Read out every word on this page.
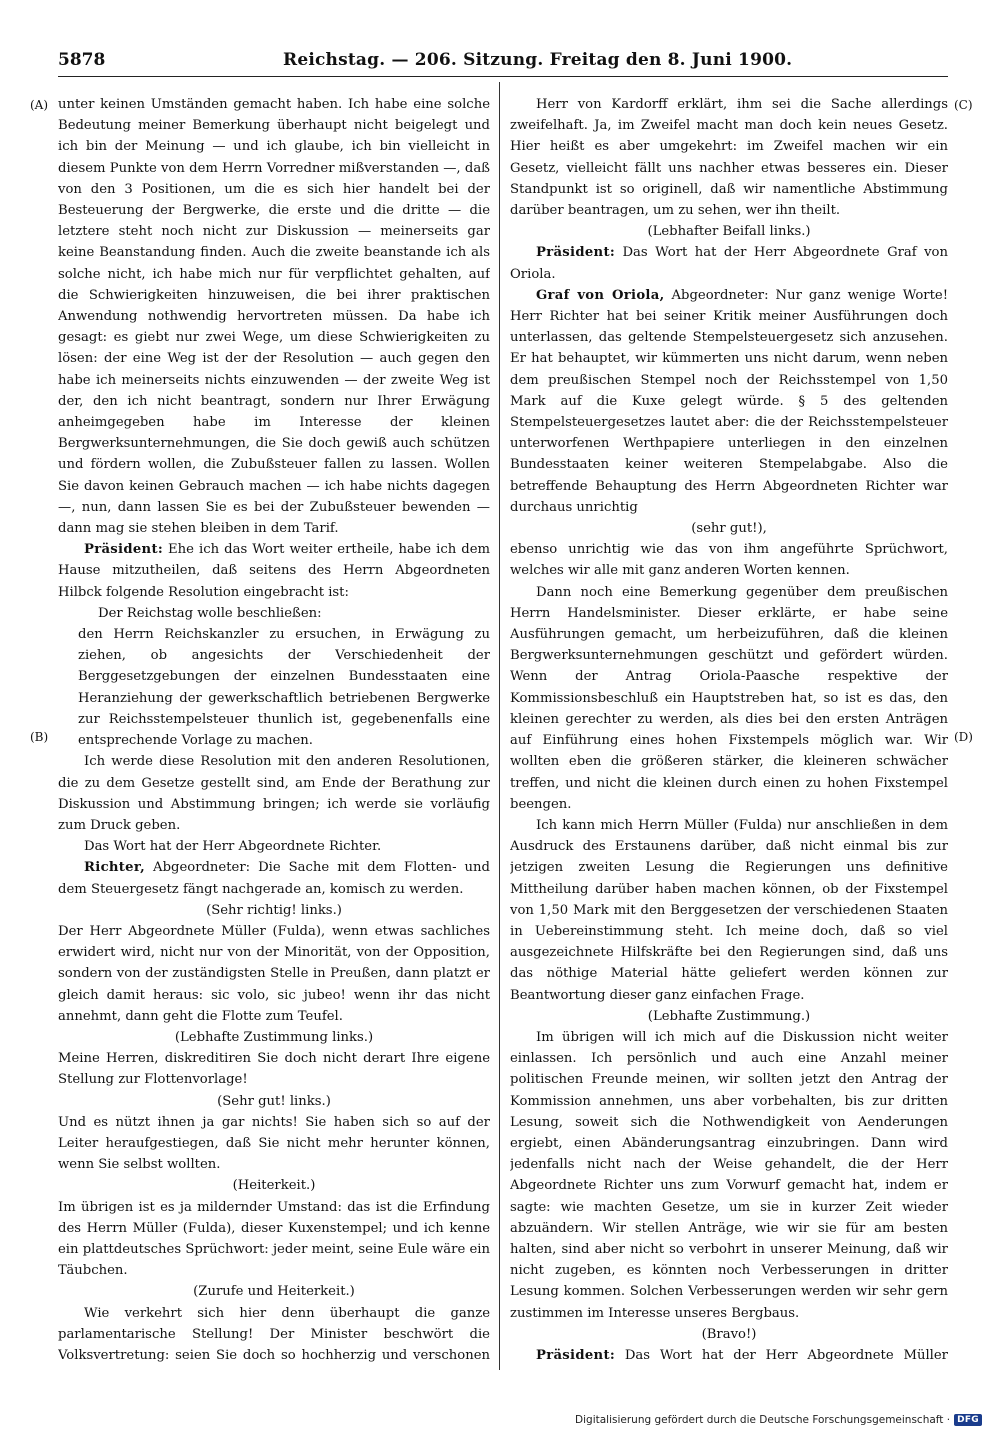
5878	Reichstag. — 206. Sitzung. Freitag den 8. Juni 1900.
(A)
(B)
(C)
(D)

unter keinen Umständen gemacht haben. Ich habe eine solche Bedeutung meiner Bemerkung überhaupt nicht beigelegt und ich bin der Meinung — und ich glaube, ich bin vielleicht in diesem Punkte von dem Herrn Vorredner mißverstanden —, daß von den 3 Positionen, um die es sich hier handelt bei der Besteuerung der Bergwerke, die erste und die dritte — die letztere steht noch nicht zur Diskussion — meinerseits gar keine Beanstandung finden. Auch die zweite beanstande ich als solche nicht, ich habe mich nur für verpflichtet gehalten, auf die Schwierigkeiten hinzuweisen, die bei ihrer praktischen Anwendung nothwendig hervortreten müssen. Da habe ich gesagt: es giebt nur zwei Wege, um diese Schwierigkeiten zu lösen: der eine Weg ist der der Resolution — auch gegen den habe ich meinerseits nichts einzuwenden — der zweite Weg ist der, den ich nicht beantragt, sondern nur Ihrer Erwägung anheimgegeben habe im Interesse der kleinen Bergwerksunternehmungen, die Sie doch gewiß auch schützen und fördern wollen, die Zubußsteuer fallen zu lassen. Wollen Sie davon keinen Gebrauch machen — ich habe nichts dagegen —, nun, dann lassen Sie es bei der Zubußsteuer bewenden — dann mag sie stehen bleiben in dem Tarif.

Präsident: Ehe ich das Wort weiter ertheile, habe ich dem Hause mitzutheilen, daß seitens des Herrn Abgeordneten Hilbck folgende Resolution eingebracht ist:

Der Reichstag wolle beschließen:

den Herrn Reichskanzler zu ersuchen, in Erwägung zu ziehen, ob angesichts der Verschiedenheit der Berggesetzgebungen der einzelnen Bundesstaaten eine Heranziehung der gewerkschaftlich betriebenen Bergwerke zur Reichsstempelsteuer thunlich ist, gegebenenfalls eine entsprechende Vorlage zu machen.

Ich werde diese Resolution mit den anderen Resolutionen, die zu dem Gesetze gestellt sind, am Ende der Berathung zur Diskussion und Abstimmung bringen; ich werde sie vorläufig zum Druck geben.

Das Wort hat der Herr Abgeordnete Richter.

Richter, Abgeordneter: Die Sache mit dem Flotten- und dem Steuergesetz fängt nachgerade an, komisch zu werden.

(Sehr richtig! links.)

Der Herr Abgeordnete Müller (Fulda), wenn etwas sachliches erwidert wird, nicht nur von der Minorität, von der Opposition, sondern von der zuständigsten Stelle in Preußen, dann platzt er gleich damit heraus: sic volo, sic jubeo! wenn ihr das nicht annehmt, dann geht die Flotte zum Teufel.

(Lebhafte Zustimmung links.)

Meine Herren, diskreditiren Sie doch nicht derart Ihre eigene Stellung zur Flottenvorlage!

(Sehr gut! links.)

Und es nützt ihnen ja gar nichts! Sie haben sich so auf der Leiter heraufgestiegen, daß Sie nicht mehr herunter können, wenn Sie selbst wollten.

(Heiterkeit.)

Im übrigen ist es ja mildernder Umstand: das ist die Erfindung des Herrn Müller (Fulda), dieser Kuxenstempel; und ich kenne ein plattdeutsches Sprüchwort: jeder meint, seine Eule wäre ein Täubchen.

(Zurufe und Heiterkeit.)

Wie verkehrt sich hier denn überhaupt die ganze parlamentarische Stellung! Der Minister beschwört die Volksvertretung: seien Sie doch so hochherzig und verschonen

Herr von Kardorff erklärt, ihm sei die Sache allerdings zweifelhaft. Ja, im Zweifel macht man doch kein neues Gesetz. Hier heißt es aber umgekehrt: im Zweifel machen wir ein Gesetz, vielleicht fällt uns nachher etwas besseres ein. Dieser Standpunkt ist so originell, daß wir namentliche Abstimmung darüber beantragen, um zu sehen, wer ihn theilt.

(Lebhafter Beifall links.)

Präsident: Das Wort hat der Herr Abgeordnete Graf von Oriola.

Graf von Oriola, Abgeordneter: Nur ganz wenige Worte! Herr Richter hat bei seiner Kritik meiner Ausführungen doch unterlassen, das geltende Stempelsteuergesetz sich anzusehen. Er hat behauptet, wir kümmerten uns nicht darum, wenn neben dem preußischen Stempel noch der Reichsstempel von 1,50 Mark auf die Kuxe gelegt würde. § 5 des geltenden Stempelsteuergesetzes lautet aber: die der Reichsstempelsteuer unterworfenen Werthpapiere unterliegen in den einzelnen Bundesstaaten keiner weiteren Stempelabgabe. Also die betreffende Behauptung des Herrn Abgeordneten Richter war durchaus unrichtig

(sehr gut!),

ebenso unrichtig wie das von ihm angeführte Sprüchwort, welches wir alle mit ganz anderen Worten kennen.

Dann noch eine Bemerkung gegenüber dem preußischen Herrn Handelsminister. Dieser erklärte, er habe seine Ausführungen gemacht, um herbeizuführen, daß die kleinen Bergwerksunternehmungen geschützt und gefördert würden. Wenn der Antrag Oriola-Paasche respektive der Kommissionsbeschluß ein Hauptstreben hat, so ist es das, den kleinen gerechter zu werden, als dies bei den ersten Anträgen auf Einführung eines hohen Fixstempels möglich war. Wir wollten eben die größeren stärker, die kleineren schwächer treffen, und nicht die kleinen durch einen zu hohen Fixstempel beengen.

Ich kann mich Herrn Müller (Fulda) nur anschließen in dem Ausdruck des Erstaunens darüber, daß nicht einmal bis zur jetzigen zweiten Lesung die Regierungen uns definitive Mittheilung darüber haben machen können, ob der Fixstempel von 1,50 Mark mit den Berggesetzen der verschiedenen Staaten in Uebereinstimmung steht. Ich meine doch, daß so viel ausgezeichnete Hilfskräfte bei den Regierungen sind, daß uns das nöthige Material hätte geliefert werden können zur Beantwortung dieser ganz einfachen Frage.

(Lebhafte Zustimmung.)

Im übrigen will ich mich auf die Diskussion nicht weiter einlassen. Ich persönlich und auch eine Anzahl meiner politischen Freunde meinen, wir sollten jetzt den Antrag der Kommission annehmen, uns aber vorbehalten, bis zur dritten Lesung, soweit sich die Nothwendigkeit von Aenderungen ergiebt, einen Abänderungsantrag einzubringen. Dann wird jedenfalls nicht nach der Weise gehandelt, die der Herr Abgeordnete Richter uns zum Vorwurf gemacht hat, indem er sagte: wie machten Gesetze, um sie in kurzer Zeit wieder abzuändern. Wir stellen Anträge, wie wir sie für am besten halten, sind aber nicht so verbohrt in unserer Meinung, daß wir nicht zugeben, es könnten noch Verbesserungen in dritter Lesung kommen. Solchen Verbesserungen werden wir sehr gern zustimmen im Interesse unseres Bergbaus.

(Bravo!)

Präsident: Das Wort hat der Herr Abgeordnete Müller

Digitalisierung gefördert durch die Deutsche Forschungsgemeinschaft · DFG
